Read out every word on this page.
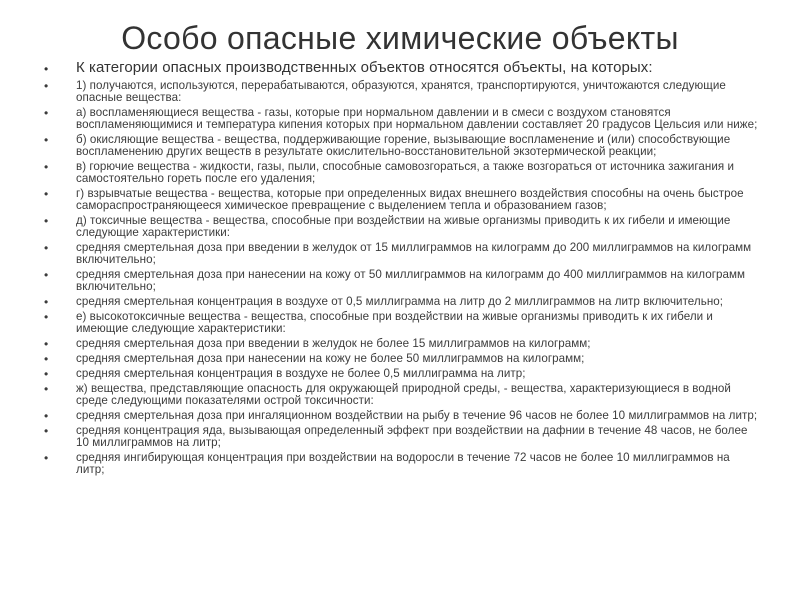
Особо опасные химические объекты
• К категории опасных производственных объектов относятся объекты, на которых:
• 1) получаются, используются, перерабатываются, образуются, хранятся, транспортируются, уничтожаются следующие опасные вещества:
• а) воспламеняющиеся вещества - газы, которые при нормальном давлении и в смеси с воздухом становятся воспламеняющимися и температура кипения которых при нормальном давлении составляет 20 градусов Цельсия или ниже;
• б) окисляющие вещества - вещества, поддерживающие горение, вызывающие воспламенение и (или) способствующие воспламенению других веществ в результате окислительно-восстановительной экзотермической реакции;
• в) горючие вещества - жидкости, газы, пыли, способные самовозгораться, а также возгораться от источника зажигания и самостоятельно гореть после его удаления;
• г) взрывчатые вещества - вещества, которые при определенных видах внешнего воздействия способны на очень быстрое самораспространяющееся химическое превращение с выделением тепла и образованием газов;
• д) токсичные вещества - вещества, способные при воздействии на живые организмы приводить к их гибели и имеющие следующие характеристики:
• средняя смертельная доза при введении в желудок от 15 миллиграммов на килограмм до 200 миллиграммов на килограмм включительно;
• средняя смертельная доза при нанесении на кожу от 50 миллиграммов на килограмм до 400 миллиграммов на килограмм включительно;
• средняя смертельная концентрация в воздухе от 0,5 миллиграмма на литр до 2 миллиграммов на литр включительно;
• е) высокотоксичные вещества - вещества, способные при воздействии на живые организмы приводить к их гибели и имеющие следующие характеристики:
• средняя смертельная доза при введении в желудок не более 15 миллиграммов на килограмм;
• средняя смертельная доза при нанесении на кожу не более 50 миллиграммов на килограмм;
• средняя смертельная концентрация в воздухе не более 0,5 миллиграмма на литр;
• ж) вещества, представляющие опасность для окружающей природной среды, - вещества, характеризующиеся в водной среде следующими показателями острой токсичности:
• средняя смертельная доза при ингаляционном воздействии на рыбу в течение 96 часов не более 10 миллиграммов на литр;
• средняя концентрация яда, вызывающая определенный эффект при воздействии на дафнии в течение 48 часов, не более 10 миллиграммов на литр;
• средняя ингибирующая концентрация при воздействии на водоросли в течение 72 часов не более 10 миллиграммов на литр;
